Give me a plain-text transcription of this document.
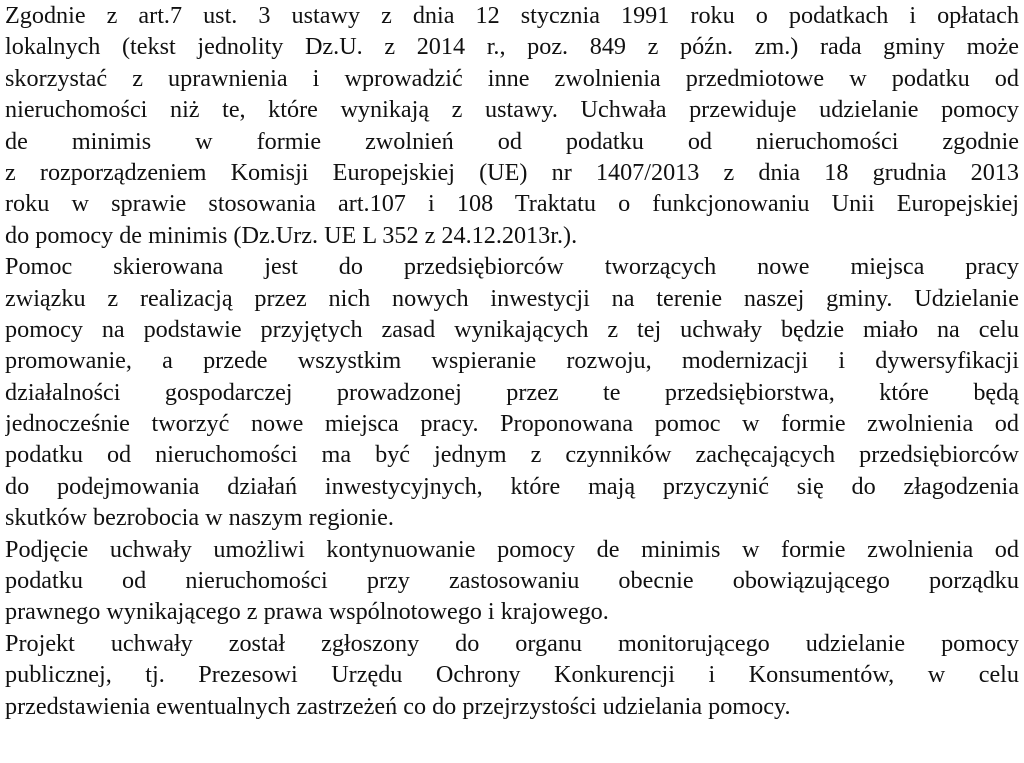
Zgodnie z art.7 ust. 3 ustawy z dnia 12 stycznia 1991 roku o podatkach i opłatach
lokalnych (tekst jednolity Dz.U. z 2014 r., poz. 849 z późn. zm.) rada gminy może
skorzystać z uprawnienia i wprowadzić inne zwolnienia przedmiotowe w podatku od
nieruchomości niż te, które wynikają z ustawy. Uchwała przewiduje udzielanie pomocy
de minimis w formie zwolnień od podatku od nieruchomości zgodnie
z rozporządzeniem Komisji Europejskiej (UE) nr 1407/2013 z dnia 18 grudnia 2013
roku w sprawie stosowania art.107 i 108 Traktatu o funkcjonowaniu Unii Europejskiej
do pomocy de minimis (Dz.Urz. UE L 352 z 24.12.2013r.).
Pomoc skierowana jest do przedsiębiorców tworzących nowe miejsca pracy
związku z realizacją przez nich nowych inwestycji na terenie naszej gminy. Udzielanie
pomocy na podstawie przyjętych zasad wynikających z tej uchwały będzie miało na celu
promowanie, a przede wszystkim wspieranie rozwoju, modernizacji i dywersyfikacji
działalności gospodarczej prowadzonej przez te przedsiębiorstwa, które będą
jednocześnie tworzyć nowe miejsca pracy. Proponowana pomoc w formie zwolnienia od
podatku od nieruchomości ma być jednym z czynników zachęcających przedsiębiorców
do podejmowania działań inwestycyjnych, które mają przyczynić się do złagodzenia
skutków bezrobocia w naszym regionie.
Podjęcie uchwały umożliwi kontynuowanie pomocy de minimis w formie zwolnienia od
podatku od nieruchomości przy zastosowaniu obecnie obowiązującego porządku
prawnego wynikającego z prawa wspólnotowego i krajowego.
Projekt uchwały został zgłoszony do organu monitorującego udzielanie pomocy
publicznej, tj. Prezesowi Urzędu Ochrony Konkurencji i Konsumentów, w celu
przedstawienia ewentualnych zastrzeżeń co do przejrzystości udzielania pomocy.
